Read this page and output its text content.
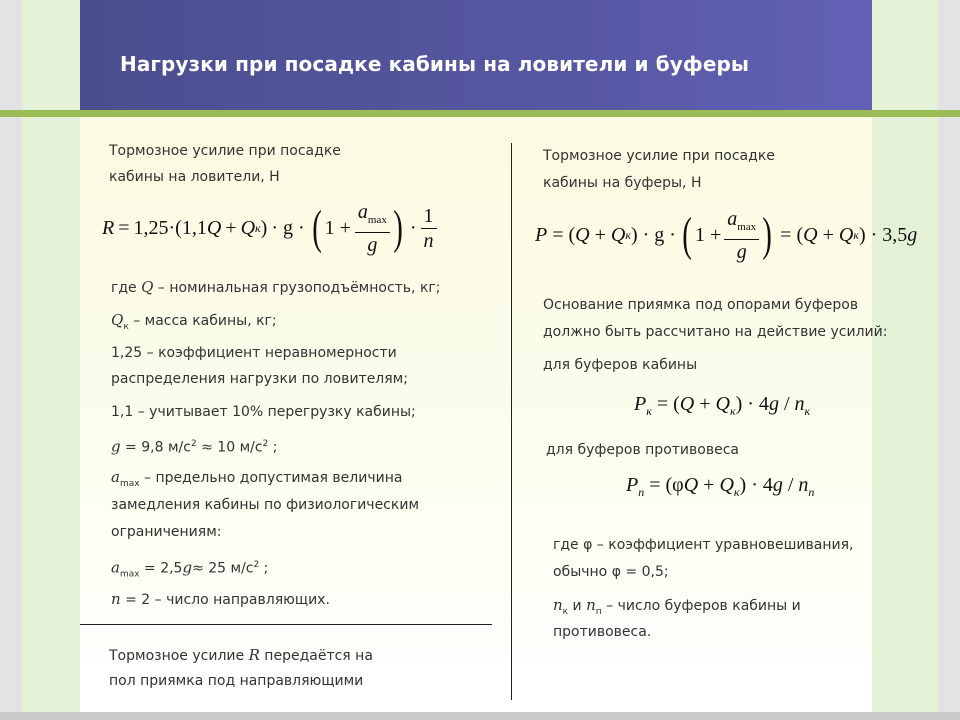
Нагрузки при посадке кабины на ловители и буферы
Тормозное усилие при посадке
кабины на ловители, Н
R = 1,25· ( 1,1 Q + Q к ) · g · ( $1 + \frac{a_{max}}{g}$ ) · $\frac{1}{n}$
где Q – номинальная грузоподъёмность, кг;
$Q_к$ – масса кабины, кг;
1,25 – коэффициент неравномерности
распределения нагрузки по ловителям;
1,1 – учитывает 10% перегрузку кабины;
g = 9,8 $м/с^2 \approx 10$ $м/с^2$ ;
$a_{max}$ – предельно допустимая величина
замедления кабины по физиологическим
ограничениям:
$a_{max} = 2,5g\approx 25$ $м/с^2$ ;
n = 2 – число направляющих.
Тормозное усилие R передаётся на
пол приямка под направляющими
Тормозное усилие при посадке
кабины на буферы, Н
P = ( Q + Q к ) · g · ( $1 + \frac{a_{max}}{g}$ ) = ( Q + Q к ) · 3,5 g
Основание приямка под опорами буферов
должно быть рассчитано на действие усилий:
для буферов кабины
$P_к = (Q + Q_к) \cdot 4g / n_к$
для буферов противовеса
$P_п = (\varphi Q + Q_к) \cdot 4g / n_п$
где φ – коэффициент уравновешивания,
обычно φ = 0,5;
$n_к$ и $n_п$ – число буферов кабины и
противовеса.
